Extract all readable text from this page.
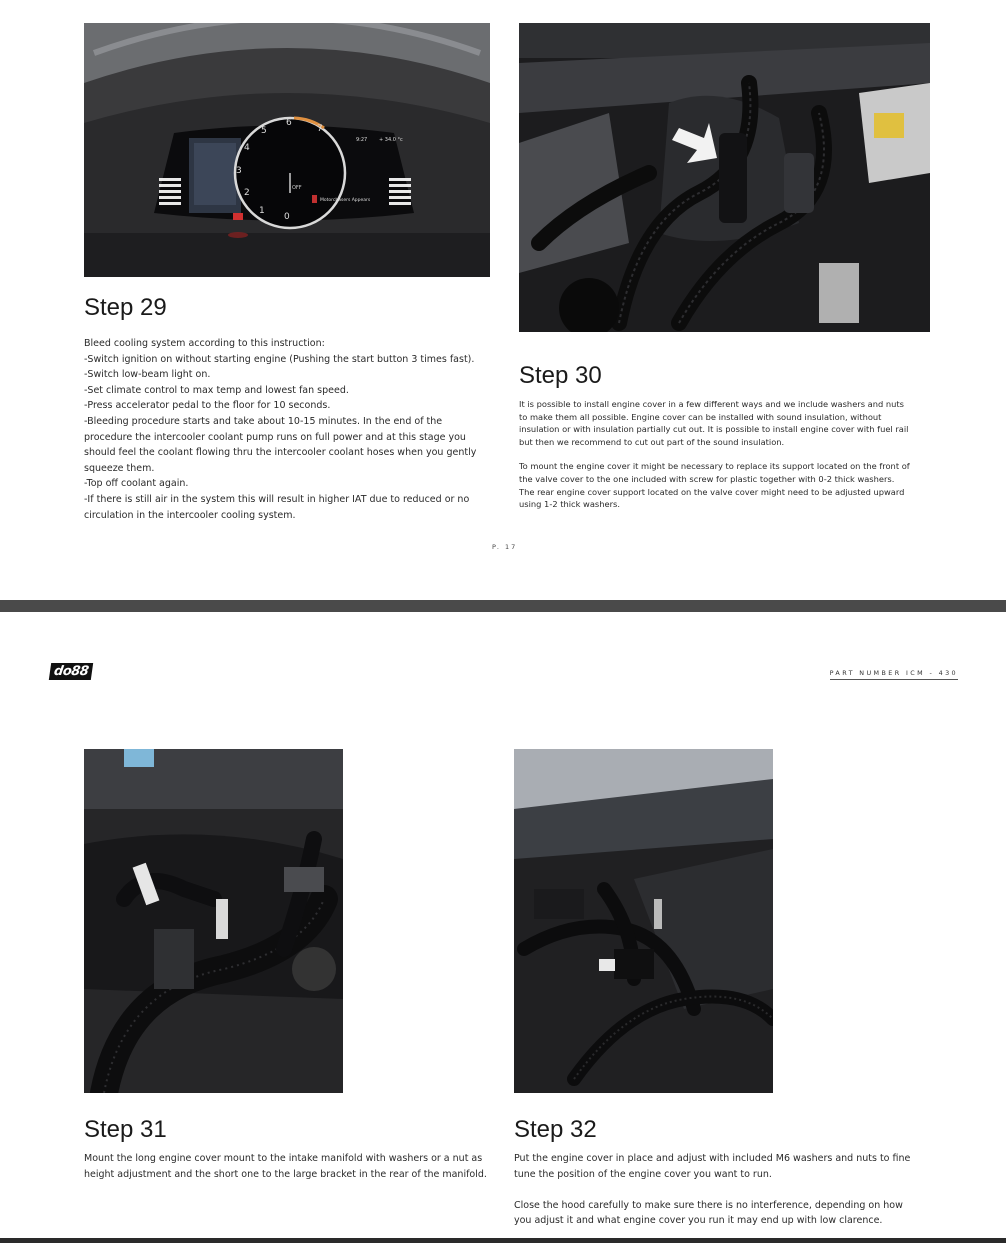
7
6
5
4
3
2
1
0
OFF
9:27 + 34.0 °c
Motorchasers Appears
Step 29
Bleed cooling system according to this instruction:
-Switch ignition on without starting engine (Pushing the start button 3 times fast).
-Switch low-beam light on.
-Set climate control to max temp and lowest fan speed.
-Press accelerator pedal to the floor for 10 seconds.
-Bleeding procedure starts and take about 10-15 minutes. In the end of the
procedure the intercooler coolant pump runs on full power and at this stage you
should feel the coolant flowing thru the intercooler coolant hoses when you gently
squeeze them.
-Top off coolant again.
-If there is still air in the system this will result in higher IAT due to reduced or no
circulation in the intercooler cooling system.
Step 30
It is possible to install engine cover in a few different ways and we include washers and nuts
to make them all possible. Engine cover can be installed with sound insulation, without
insulation or with insulation partially cut out. It is possible to install engine cover with fuel rail
but then we recommend to cut out part of the sound insulation.
To mount the engine cover it might be necessary to replace its support located on the front of
the valve cover to the one included with screw for plastic together with 0-2 thick washers.
The rear engine cover support located on the valve cover might need to be adjusted upward
using 1-2 thick washers.
P. 17
do88	PART NUMBER ICM - 430
Step 31
Mount the long engine cover mount to the intake manifold with washers or a nut as
height adjustment and the short one to the large bracket in the rear of the manifold.
Step 32
Put the engine cover in place and adjust with included M6 washers and nuts to fine
tune the position of the engine cover you want to run.
Close the hood carefully to make sure there is no interference, depending on how
you adjust it and what engine cover you run it may end up with low clarence.
